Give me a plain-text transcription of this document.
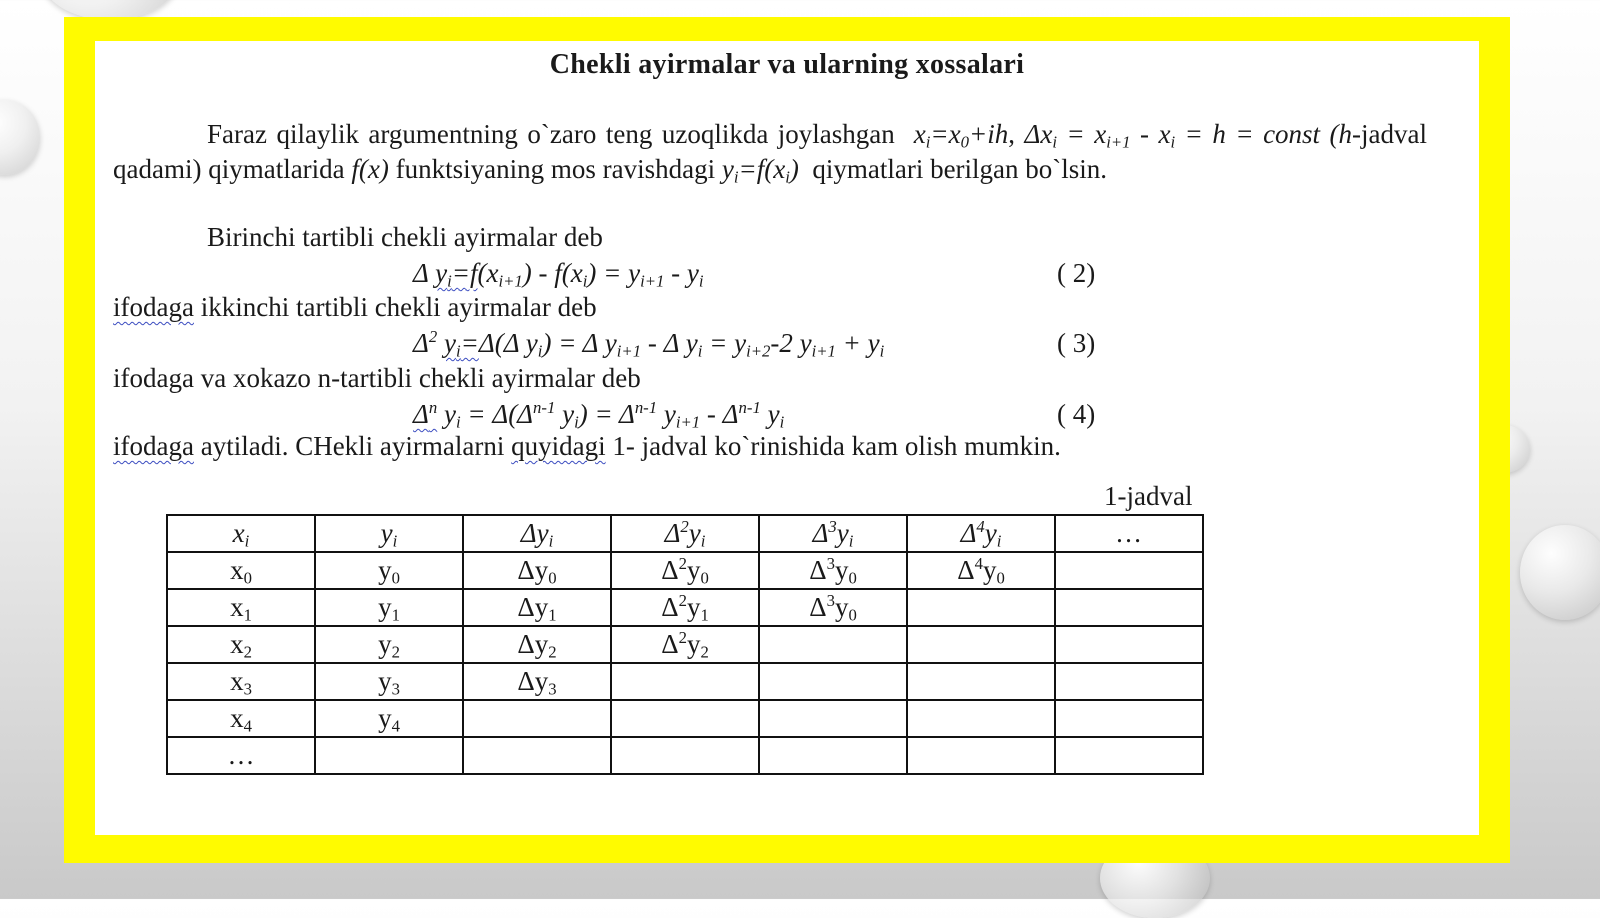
Chekli ayirmalar va ularning xossalari
Faraz qilaylik argumentning o`zaro teng uzoqlikda joylashgan $x_i=x_0+ih$, $\Delta x_i = x_{i+1} - x_i = h$ = const (h-jadval qadami) qiymatlarida f(x) funktsiyaning mos ravishdagi $y_i=f(x_i)$ qiymatlari berilgan bo`lsin.
Birinchi tartibli chekli ayirmalar deb
Δ $y_i=f(x_{i+1}) - f(x_i) = y_{i+1} - y_i$	( 2)
ifodaga ikkinchi tartibli chekli ayirmalar deb
$\Delta^2$ $y_i=\Delta(\Delta$ $y_i) = \Delta$ $y_{i+1}$ - Δ $y_i = y_{i+2}-2$ $y_{i+1} + y_i$	( 3)
ifodaga va xokazo n-tartibli chekli ayirmalar deb
$\Delta^n$ $y_i = \Delta(\Delta^{n-1}$ $y_i) = \Delta^{n-1}$ $y_{i+1} - \Delta^{n-1}$ $y_i$	( 4)
ifodaga aytiladi. CHekli ayirmalarni quyidagi 1- jadval ko`rinishida kam olish mumkin.
1-jadval
$x_i$	$y_i$	$\Delta y_i$	$\Delta^2y_i$	$\Delta^3y_i$	$\Delta^4y_i$	…
$x_0$	$y_0$	$\Delta y_0$	$\Delta^2y_0$	$\Delta^3y_0$	$\Delta^4y_0$	
$x_1$	$y_1$	$\Delta y_1$	$\Delta^2y_1$	$\Delta^3y_0$		
$x_2$	$y_2$	$\Delta y_2$	$\Delta^2y_2$			
$x_3$	$y_3$	$\Delta y_3$				
$x_4$	$y_4$					
…						
